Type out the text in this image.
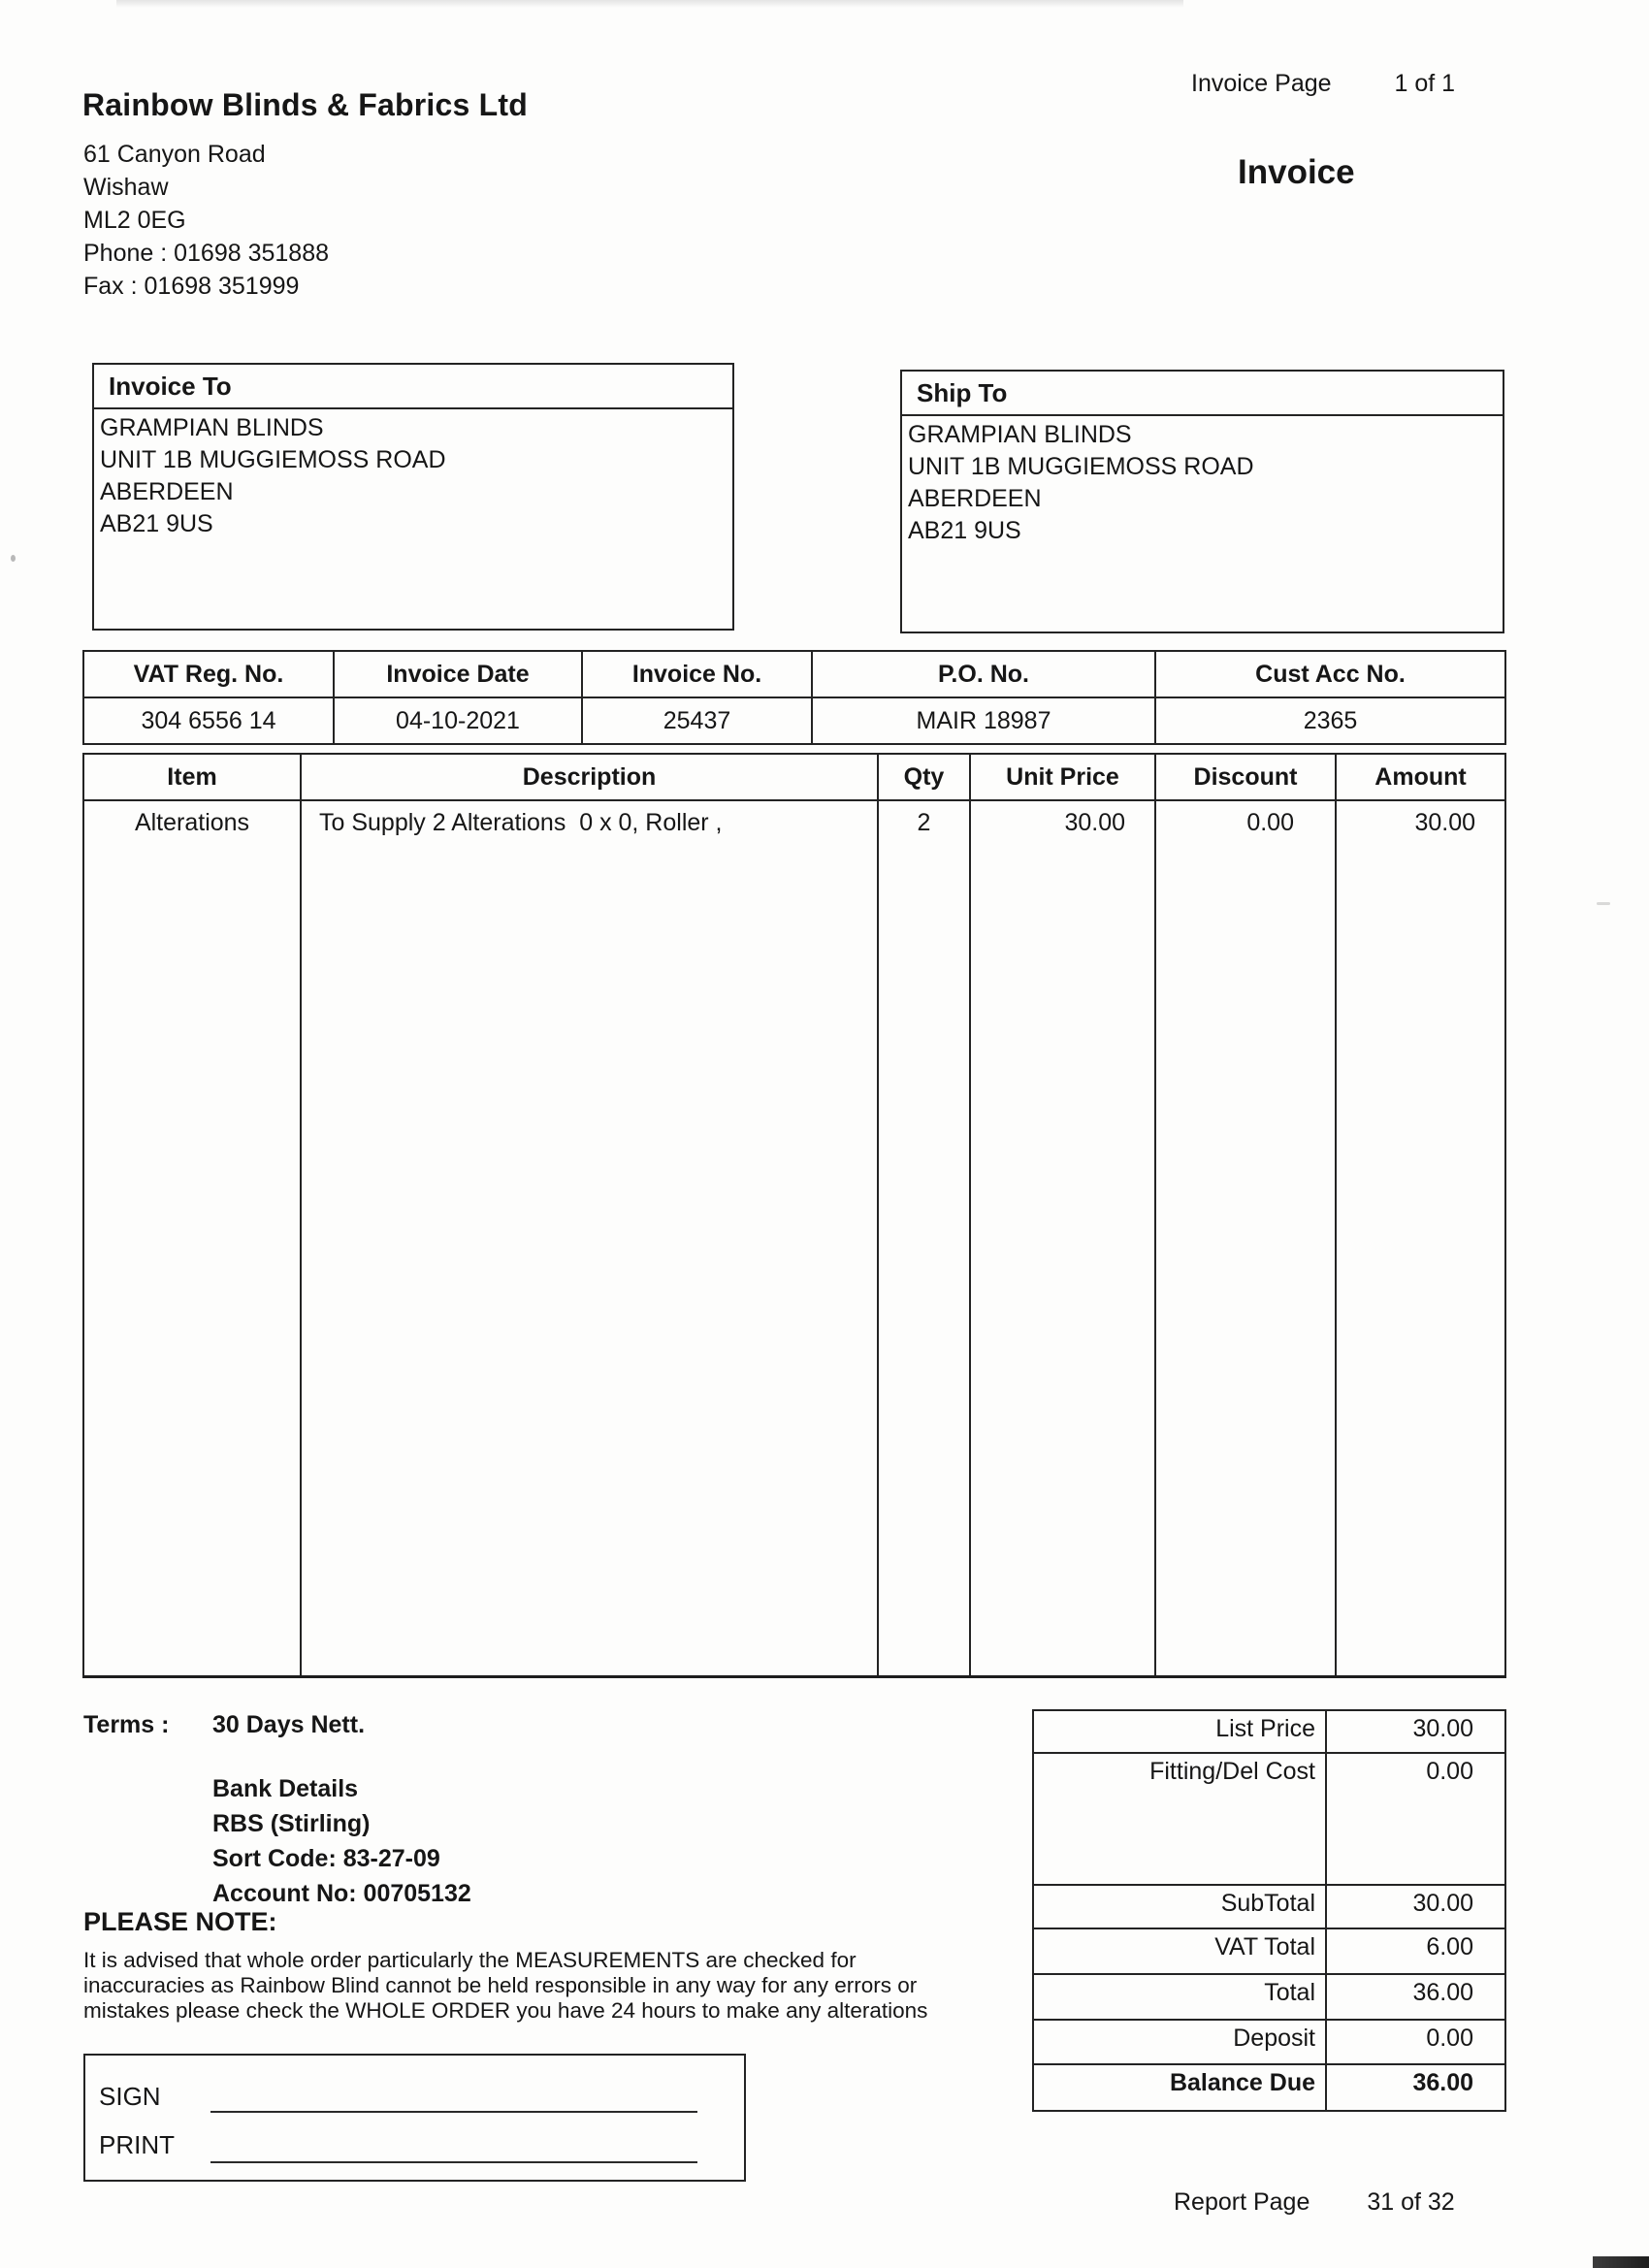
Rainbow Blinds & Fabrics Ltd
61 Canyon Road
Wishaw
ML2 0EG
Phone : 01698 351888
Fax : 01698 351999
Invoice Page	1 of 1
Invoice
Invoice To
GRAMPIAN BLINDS
UNIT 1B MUGGIEMOSS ROAD
ABERDEEN
AB21 9US
Ship To
GRAMPIAN BLINDS
UNIT 1B MUGGIEMOSS ROAD
ABERDEEN
AB21 9US
VAT Reg. No.	Invoice Date	Invoice No.	P.O. No.	Cust Acc No.
304 6556 14	04-10-2021	25437	MAIR 18987	2365
Item	Description	Qty	Unit Price	Discount	Amount
Alterations	To Supply 2 Alterations  0 x 0, Roller ,	2	30.00	0.00	30.00
Terms : 30 Days Nett.
Bank Details
RBS (Stirling)
Sort Code: 83-27-09
Account No: 00705132
PLEASE NOTE:
It is advised that whole order particularly the MEASUREMENTS are checked for
inaccuracies as Rainbow Blind cannot be held responsible in any way for any errors or
mistakes please check the WHOLE ORDER you have 24 hours to make any alterations
List Price	30.00
Fitting/Del Cost	0.00
SubTotal	30.00
VAT Total	6.00
Total	36.00
Deposit	0.00
Balance Due	36.00
SIGN
PRINT
Report Page 31 of 32
